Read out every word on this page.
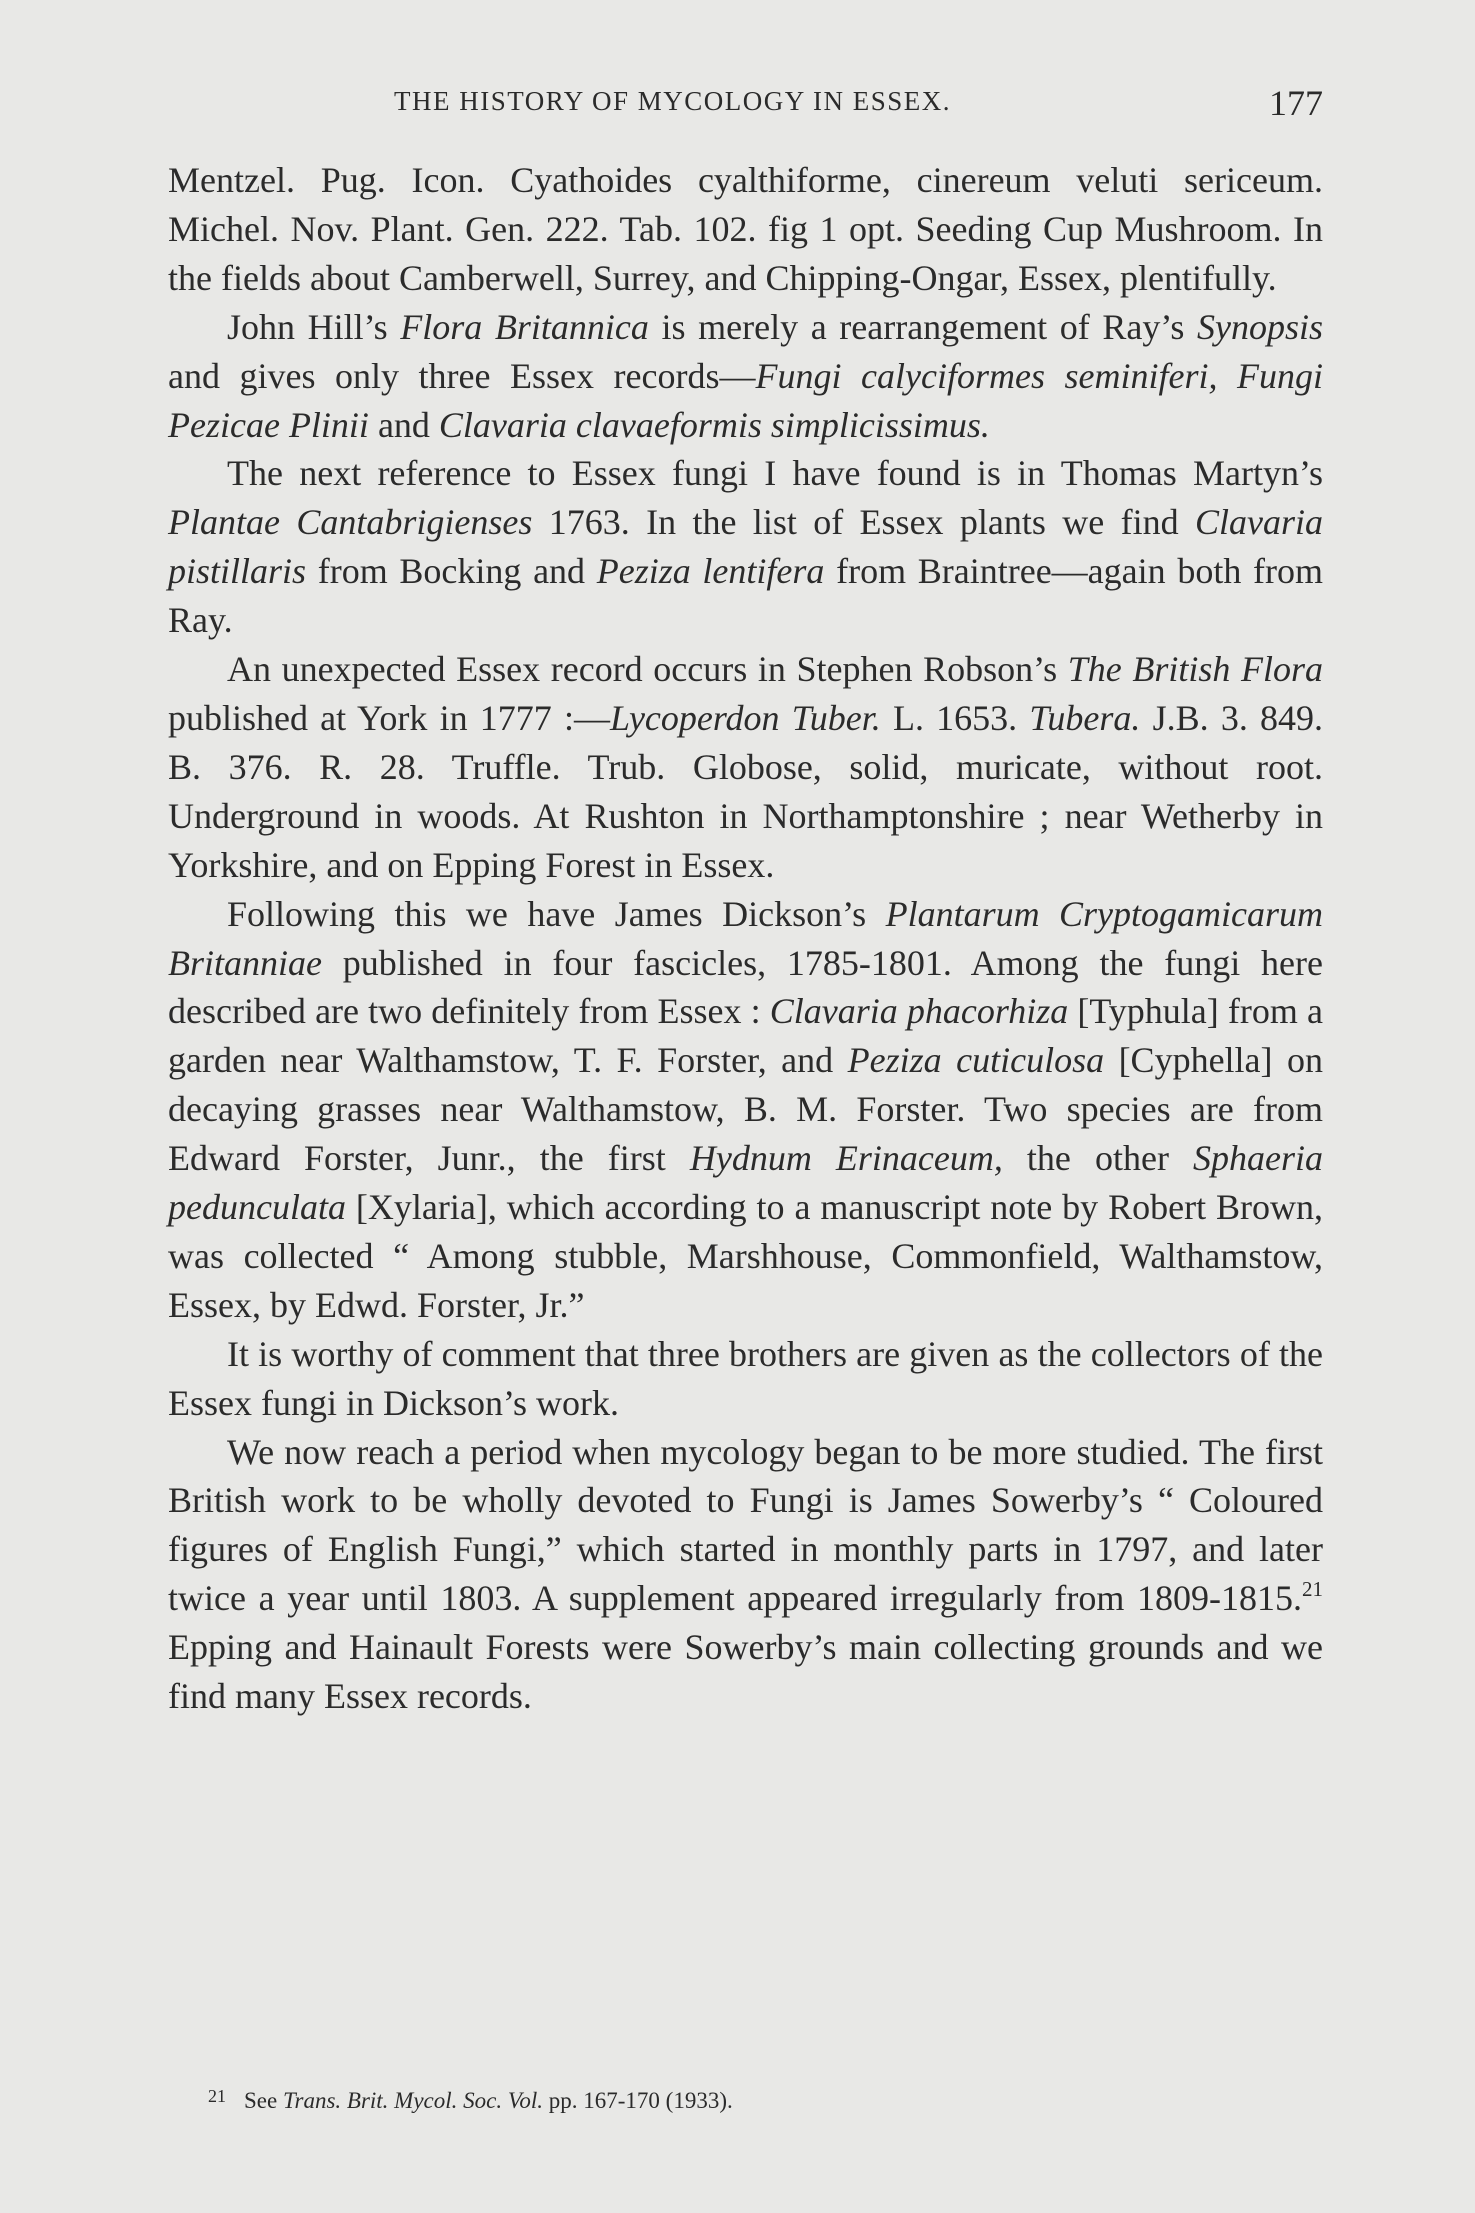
THE HISTORY OF MYCOLOGY IN ESSEX.	177

Mentzel. Pug. Icon. Cyathoides cyalthiforme, cinereum veluti sericeum. Michel. Nov. Plant. Gen. 222. Tab. 102. fig 1 opt. Seeding Cup Mushroom. In the fields about Camberwell, Surrey, and Chipping-Ongar, Essex, plentifully.

John Hill’s Flora Britannica is merely a rearrangement of Ray’s Synopsis and gives only three Essex records—Fungi calyciformes seminiferi, Fungi Pezicae Plinii and Clavaria clavaeformis simplicissimus.

The next reference to Essex fungi I have found is in Thomas Martyn’s Plantae Cantabrigienses 1763. In the list of Essex plants we find Clavaria pistillaris from Bocking and Peziza lentifera from Braintree—again both from Ray.

An unexpected Essex record occurs in Stephen Robson’s The British Flora published at York in 1777 :—Lycoperdon Tuber. L. 1653. Tubera. J.B. 3. 849. B. 376. R. 28. Truffle. Trub. Globose, solid, muricate, without root. Underground in woods. At Rushton in Northamptonshire ; near Wetherby in Yorkshire, and on Epping Forest in Essex.

Following this we have James Dickson’s Plantarum Cryptogamicarum Britanniae published in four fascicles, 1785-1801. Among the fungi here described are two definitely from Essex : Clavaria phacorhiza [Typhula] from a garden near Walthamstow, T. F. Forster, and Peziza cuticulosa [Cyphella] on decaying grasses near Walthamstow, B. M. Forster. Two species are from Edward Forster, Junr., the first Hydnum Erinaceum, the other Sphaeria pedunculata [Xylaria], which according to a manuscript note by Robert Brown, was collected “ Among stubble, Marshhouse, Commonfield, Walthamstow, Essex, by Edwd. Forster, Jr.”

It is worthy of comment that three brothers are given as the collectors of the Essex fungi in Dickson’s work.

We now reach a period when mycology began to be more studied. The first British work to be wholly devoted to Fungi is James Sowerby’s “ Coloured figures of English Fungi,” which started in monthly parts in 1797, and later twice a year until 1803. A supplement appeared irregularly from 1809-1815.21 Epping and Hainault Forests were Sowerby’s main collecting grounds and we find many Essex records.

$^{21}$ See Trans. Brit. Mycol. Soc. Vol. pp. 167-170 (1933).
